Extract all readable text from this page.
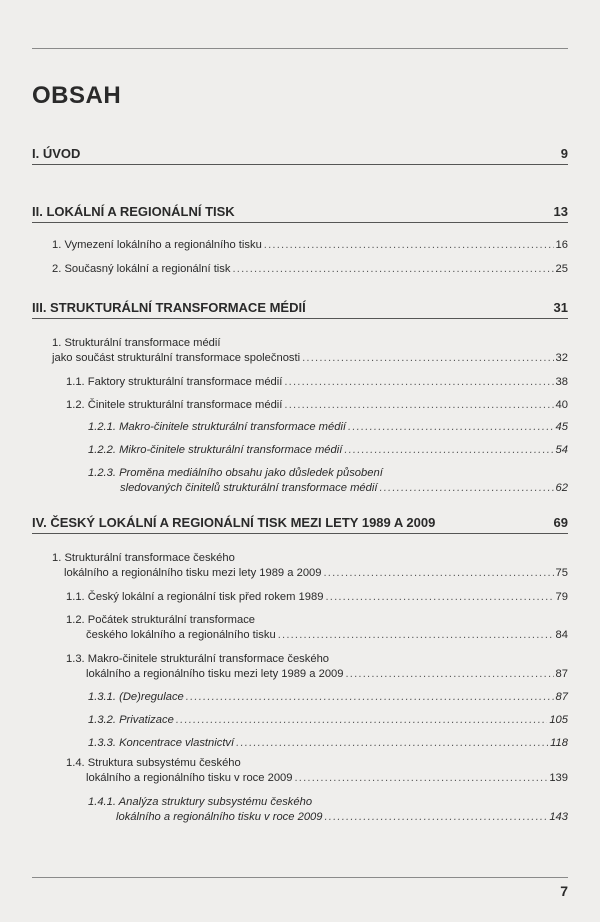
OBSAH
I. ÚVOD	9
II. LOKÁLNÍ A REGIONÁLNÍ TISK	13
1. Vymezení lokálního a regionálního tisku .....	16
2. Současný lokální a regionální tisk .....	25
III. STRUKTURÁLNÍ TRANSFORMACE MÉDIÍ	31
1. Strukturální transformace médií
jako součást strukturální transformace společnosti .....	32
1.1. Faktory strukturální transformace médií .....	38
1.2. Činitele strukturální transformace médií .....	40
1.2.1. Makro-činitele strukturální transformace médií .....	45
1.2.2. Mikro-činitele strukturální transformace médií .....	54
1.2.3. Proměna mediálního obsahu jako důsledek působení
sledovaných činitelů strukturální transformace médií .....	62
IV. ČESKÝ LOKÁLNÍ A REGIONÁLNÍ TISK MEZI LETY 1989 A 2009	69
1. Strukturální transformace českého
lokálního a regionálního tisku mezi lety 1989 a 2009 .....	75
1.1. Český lokální a regionální tisk před rokem 1989 .....	79
1.2. Počátek strukturální transformace
českého lokálního a regionálního tisku .....	84
1.3. Makro-činitele strukturální transformace českého
lokálního a regionálního tisku mezi lety 1989 a 2009 .....	87
1.3.1. (De)regulace .....	87
1.3.2. Privatizace .....	105
1.3.3. Koncentrace vlastnictví .....	118
1.4. Struktura subsystému českého
lokálního a regionálního tisku v roce 2009 .....	139
1.4.1. Analýza struktury subsystému českého
lokálního a regionálního tisku v roce 2009 .....	143
7
